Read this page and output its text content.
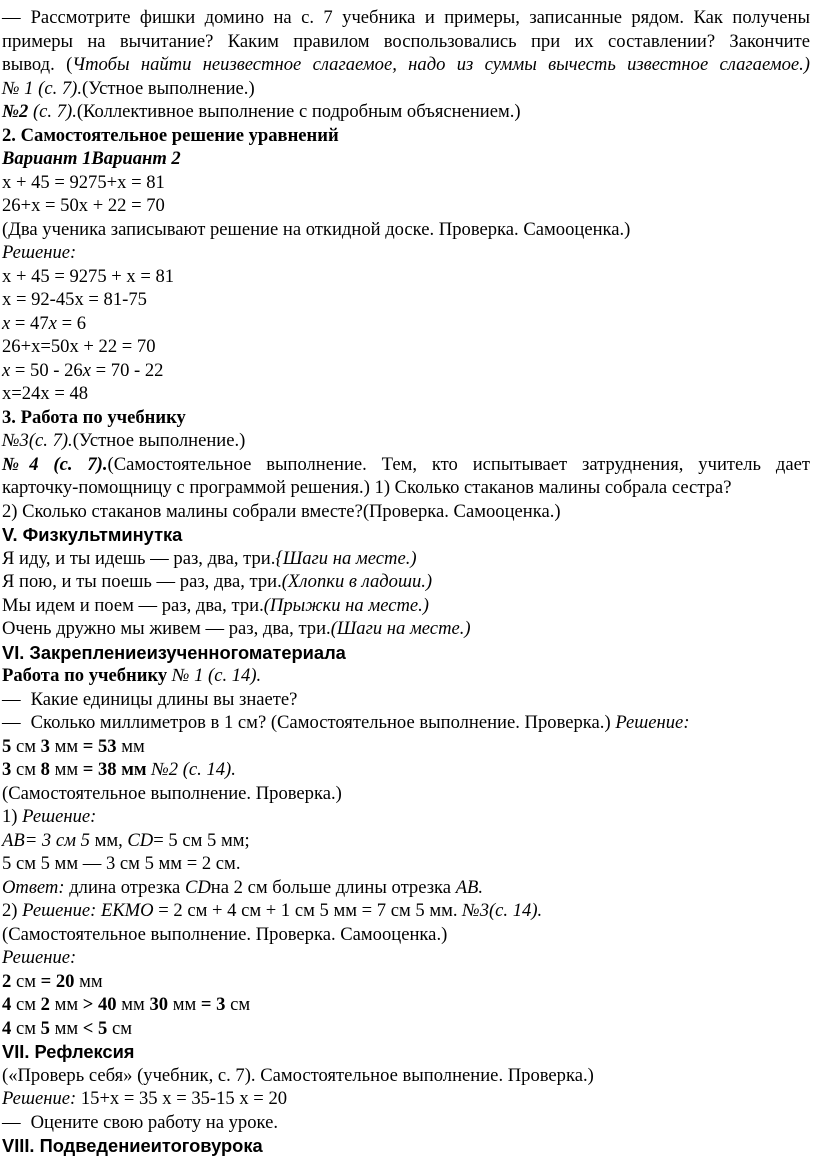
— Рассмотрите фишки домино на с. 7 учебника и примеры, записанные рядом. Как получены
примеры на вычитание? Каким правилом воспользовались при их составлении? Закончите
вывод. (Чтобы найти неизвестное слагаемое, надо из суммы вычесть известное слагаемое.)
№ 1 (с. 7).(Устное выполнение.)
№2 (с. 7).(Коллективное выполнение с подробным объяснением.)
2. Самостоятельное решение уравнений
Вариант 1Вариант 2
x + 45 = 9275+x = 81
26+x = 50x + 22 = 70
(Два ученика записывают решение на откидной доске. Проверка. Самооценка.)
Решение:
x + 45 = 9275 + x = 81
x = 92-45x = 81-75
x = 47x = 6
26+x=50x + 22 = 70
x = 50 - 26x = 70 - 22
x=24x = 48
3. Работа по учебнику
№3(с. 7).(Устное выполнение.)
№4 (с. 7).(Самостоятельное выполнение. Тем, кто испытывает затруднения, учитель дает
карточку-помощницу с программой решения.) 1) Сколько стаканов малины собрала сестра?
2) Сколько стаканов малины собрали вместе?(Проверка. Самооценка.)
V. Физкультминутка
Я иду, и ты идешь — раз, два, три.{Шаги на месте.)
Я пою, и ты поешь — раз, два, три.(Хлопки в ладоши.)
Мы идем и поем — раз, два, три.(Прыжки на месте.)
Очень дружно мы живем — раз, два, три.(Шаги на месте.)
VI. Закреплениеизученногоматериала
Работа по учебнику № 1 (с. 14).
— Какие единицы длины вы знаете?
— Сколько миллиметров в 1 см? (Самостоятельное выполнение. Проверка.) Решение:
5 см 3 мм = 53 мм
3 см 8 мм = 38 мм №2 (с. 14).
(Самостоятельное выполнение. Проверка.)
1) Решение:
AB= 3 см 5 мм, CD= 5 см 5 мм;
5 см 5 мм — 3 см 5 мм = 2 см.
Ответ: длина отрезка CDна 2 см больше длины отрезка AB.
2) Решение: ЕКМО = 2 см + 4 см + 1 см 5 мм = 7 см 5 мм. №3(с. 14).
(Самостоятельное выполнение. Проверка. Самооценка.)
Решение:
2 см = 20 мм
4 см 2 мм > 40 мм 30 мм = 3 см
4 см 5 мм < 5 см
VII. Рефлексия
(«Проверь себя» (учебник, с. 7). Самостоятельное выполнение. Проверка.)
Решение: 15+x = 35 x = 35-15 x = 20
— Оцените свою работу на уроке.
VIII. Подведениеитоговурока
